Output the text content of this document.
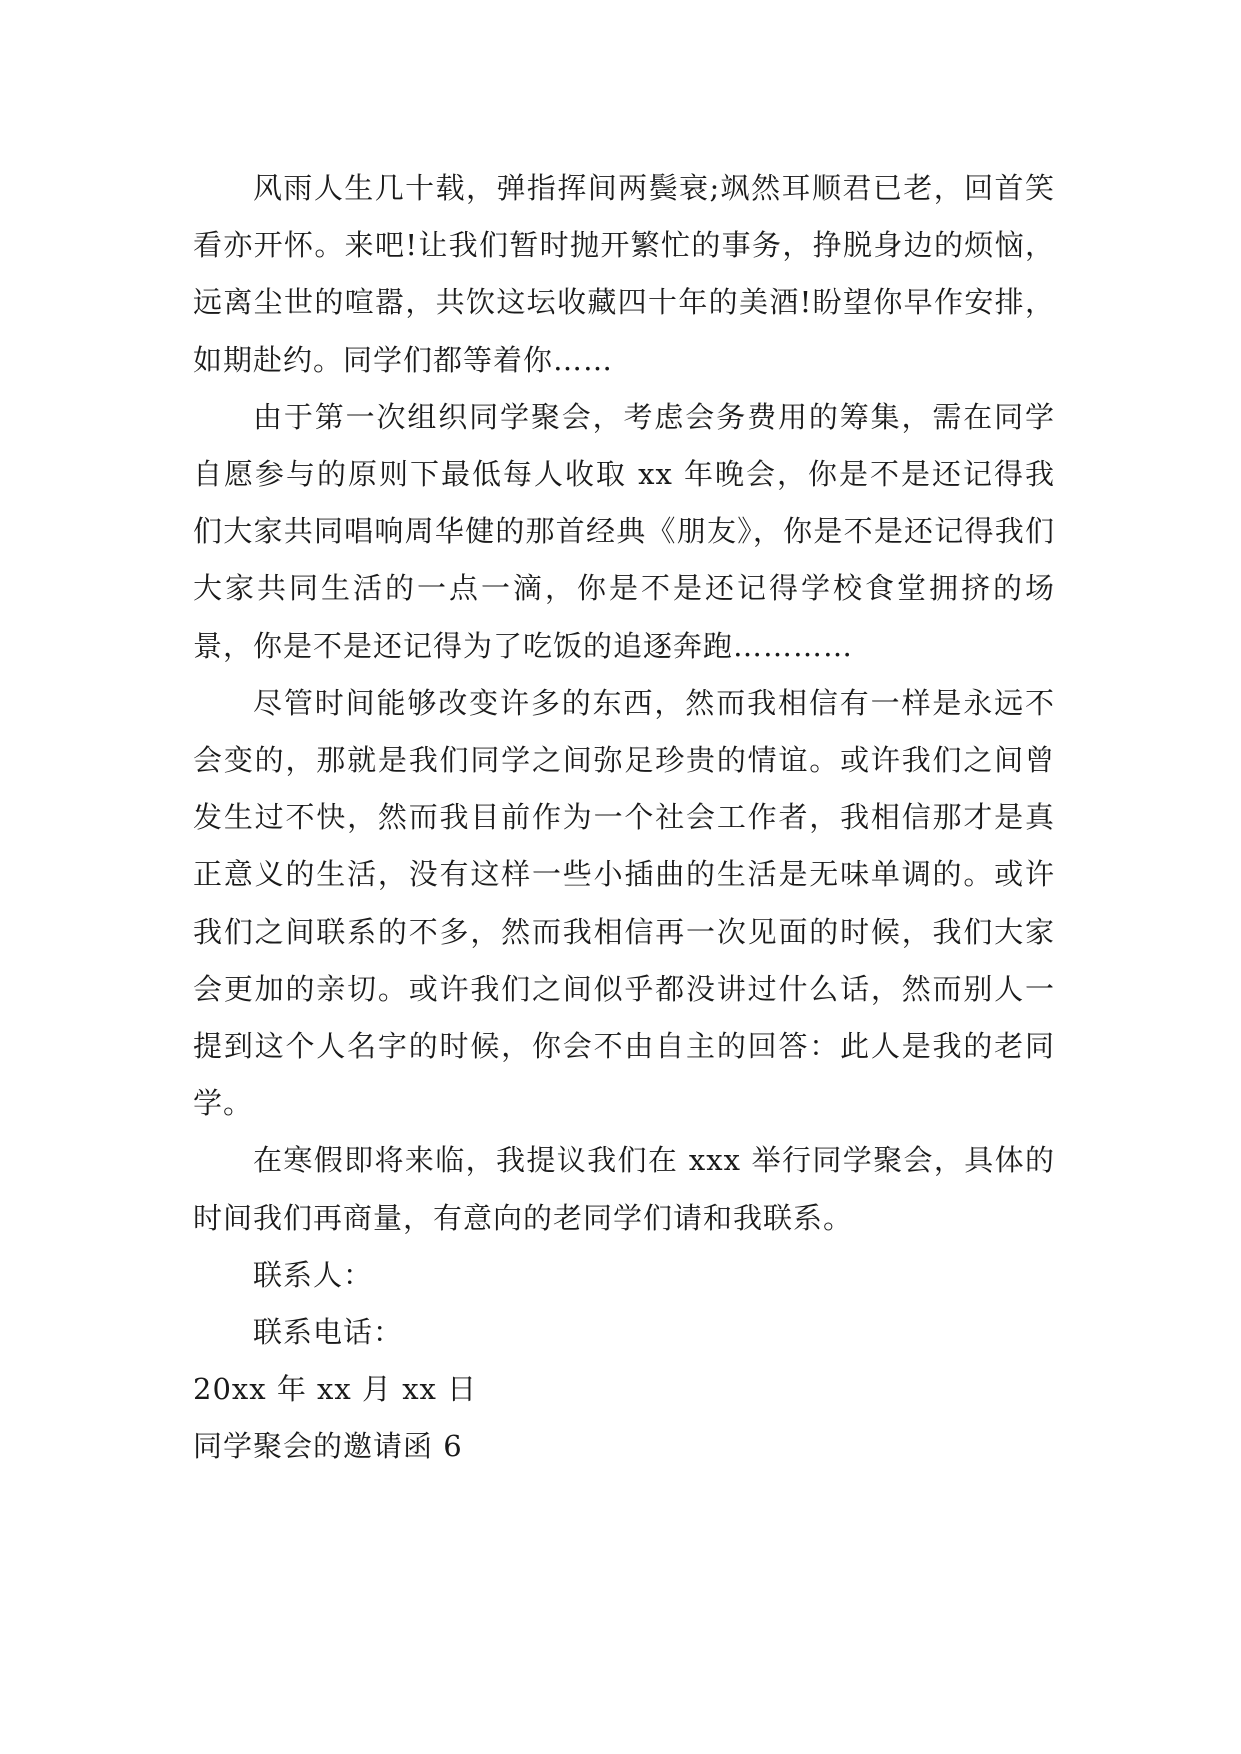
风雨人生几十载，弹指挥间两鬓衰;飒然耳顺君已老，回首笑看亦开怀。来吧!让我们暂时抛开繁忙的事务，挣脱身边的烦恼，远离尘世的喧嚣，共饮这坛收藏四十年的美酒!盼望你早作安排，如期赴约。同学们都等着你……

由于第一次组织同学聚会，考虑会务费用的筹集，需在同学自愿参与的原则下最低每人收取 xx 年晚会，你是不是还记得我们大家共同唱响周华健的那首经典《朋友》，你是不是还记得我们大家共同生活的一点一滴，你是不是还记得学校食堂拥挤的场景，你是不是还记得为了吃饭的追逐奔跑…………

尽管时间能够改变许多的东西，然而我相信有一样是永远不会变的，那就是我们同学之间弥足珍贵的情谊。或许我们之间曾发生过不快，然而我目前作为一个社会工作者，我相信那才是真正意义的生活，没有这样一些小插曲的生活是无味单调的。或许我们之间联系的不多，然而我相信再一次见面的时候，我们大家会更加的亲切。或许我们之间似乎都没讲过什么话，然而别人一提到这个人名字的时候，你会不由自主的回答：此人是我的老同学。

在寒假即将来临，我提议我们在 xxx 举行同学聚会，具体的时间我们再商量，有意向的老同学们请和我联系。

联系人：

联系电话：

20xx 年 xx 月 xx 日

同学聚会的邀请函 6
